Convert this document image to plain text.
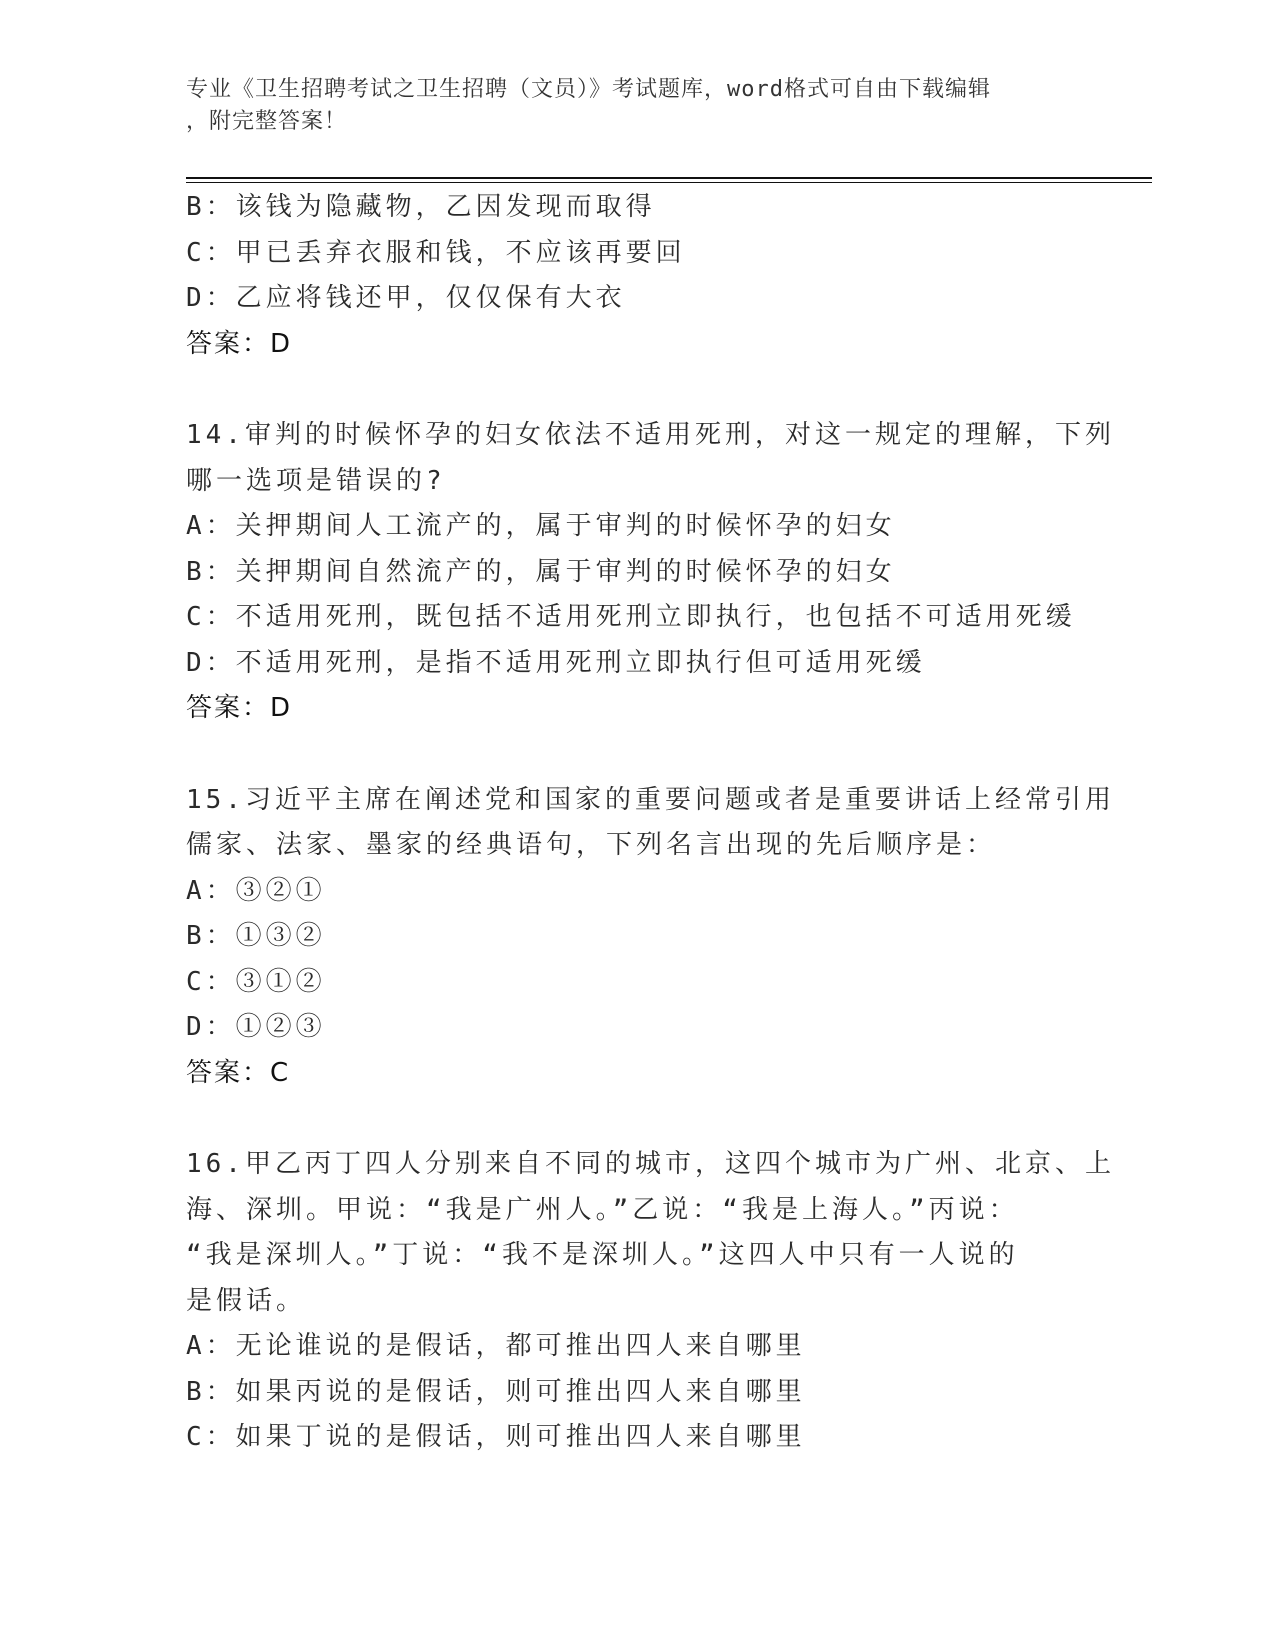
专业《卫生招聘考试之卫生招聘（文员）》考试题库，word格式可自由下载编辑
，附完整答案！
B：该钱为隐藏物，乙因发现而取得
C：甲已丢弃衣服和钱，不应该再要回
D：乙应将钱还甲，仅仅保有大衣
答案：D
14.审判的时候怀孕的妇女依法不适用死刑，对这一规定的理解，下列
哪一选项是错误的?
A：关押期间人工流产的，属于审判的时候怀孕的妇女
B：关押期间自然流产的，属于审判的时候怀孕的妇女
C：不适用死刑，既包括不适用死刑立即执行，也包括不可适用死缓
D：不适用死刑，是指不适用死刑立即执行但可适用死缓
答案：D
15.习近平主席在阐述党和国家的重要问题或者是重要讲话上经常引用
儒家、法家、墨家的经典语句，下列名言出现的先后顺序是：
A：③②①
B：①③②
C：③①②
D：①②③
答案：C
16.甲乙丙丁四人分别来自不同的城市，这四个城市为广州、北京、上
海、深圳。甲说：“我是广州人。”乙说：“我是上海人。”丙说：
“我是深圳人。”丁说：“我不是深圳人。”这四人中只有一人说的
是假话。
A：无论谁说的是假话，都可推出四人来自哪里
B：如果丙说的是假话，则可推出四人来自哪里
C：如果丁说的是假话，则可推出四人来自哪里
